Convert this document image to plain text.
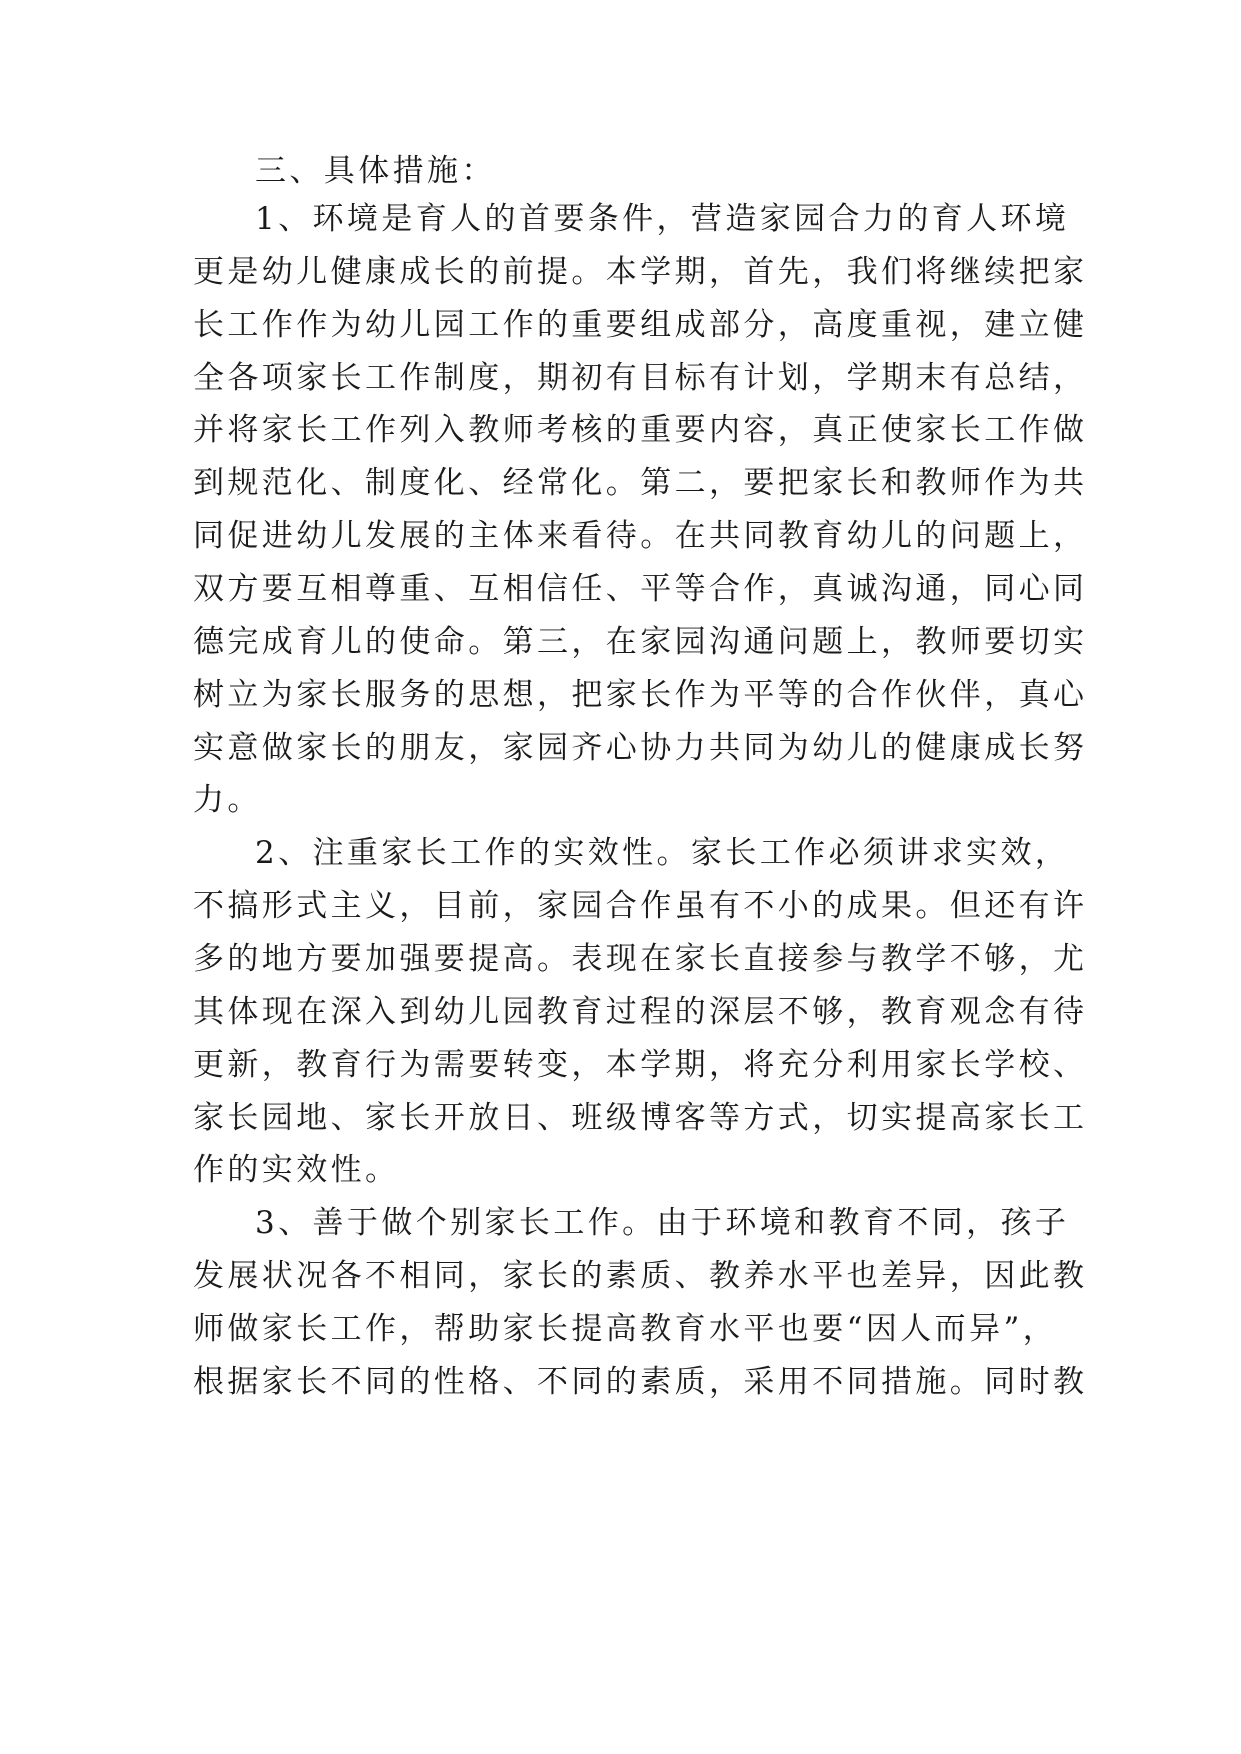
三、具体措施：
1、环境是育人的首要条件，营造家园合力的育人环境
更是幼儿健康成长的前提。本学期，首先，我们将继续把家
长工作作为幼儿园工作的重要组成部分，高度重视，建立健
全各项家长工作制度，期初有目标有计划，学期末有总结，
并将家长工作列入教师考核的重要内容，真正使家长工作做
到规范化、制度化、经常化。第二，要把家长和教师作为共
同促进幼儿发展的主体来看待。在共同教育幼儿的问题上，
双方要互相尊重、互相信任、平等合作，真诚沟通，同心同
德完成育儿的使命。第三，在家园沟通问题上，教师要切实
树立为家长服务的思想，把家长作为平等的合作伙伴，真心
实意做家长的朋友，家园齐心协力共同为幼儿的健康成长努
力。
2、注重家长工作的实效性。家长工作必须讲求实效，
不搞形式主义，目前，家园合作虽有不小的成果。但还有许
多的地方要加强要提高。表现在家长直接参与教学不够，尤
其体现在深入到幼儿园教育过程的深层不够，教育观念有待
更新，教育行为需要转变，本学期，将充分利用家长学校、
家长园地、家长开放日、班级博客等方式，切实提高家长工
作的实效性。
3、善于做个别家长工作。由于环境和教育不同，孩子
发展状况各不相同，家长的素质、教养水平也差异，因此教
师做家长工作，帮助家长提高教育水平也要“因人而异”，
根据家长不同的性格、不同的素质，采用不同措施。同时教
